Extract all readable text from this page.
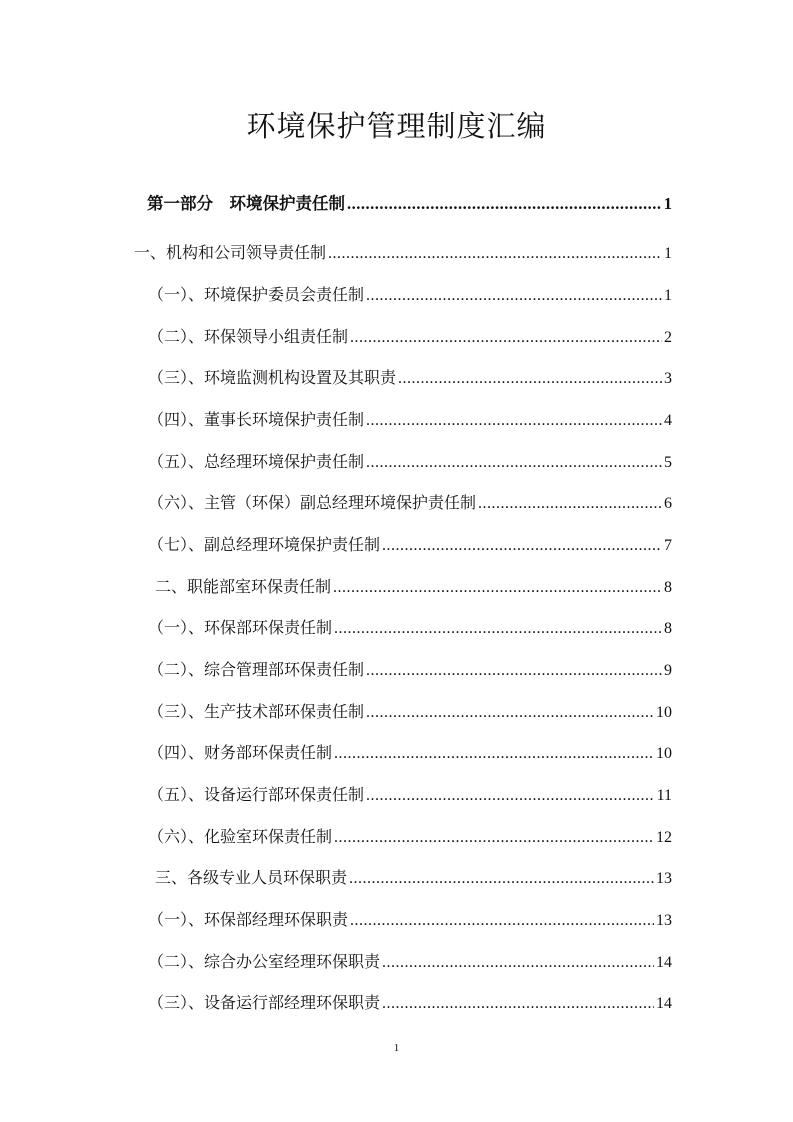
环境保护管理制度汇编
第一部分　环境保护责任制 .....	1
一、机构和公司领导责任制 .....	1
（一）、环境保护委员会责任制 .....	1
（二）、环保领导小组责任制 .....	2
（三）、环境监测机构设置及其职责 .....	3
（四）、董事长环境保护责任制 .....	4
（五）、总经理环境保护责任制 .....	5
（六）、主管（环保）副总经理环境保护责任制 .....	6
（七）、副总经理环境保护责任制 .....	7
二、职能部室环保责任制 .....	8
（一）、环保部环保责任制 .....	8
（二）、综合管理部环保责任制 .....	9
（三）、生产技术部环保责任制 .....	10
（四）、财务部环保责任制 .....	10
（五）、设备运行部环保责任制 .....	11
（六）、化验室环保责任制 .....	12
三、各级专业人员环保职责 .....	13
（一）、环保部经理环保职责 .....	13
（二）、综合办公室经理环保职责 .....	14
（三）、设备运行部经理环保职责 .....	14
1
